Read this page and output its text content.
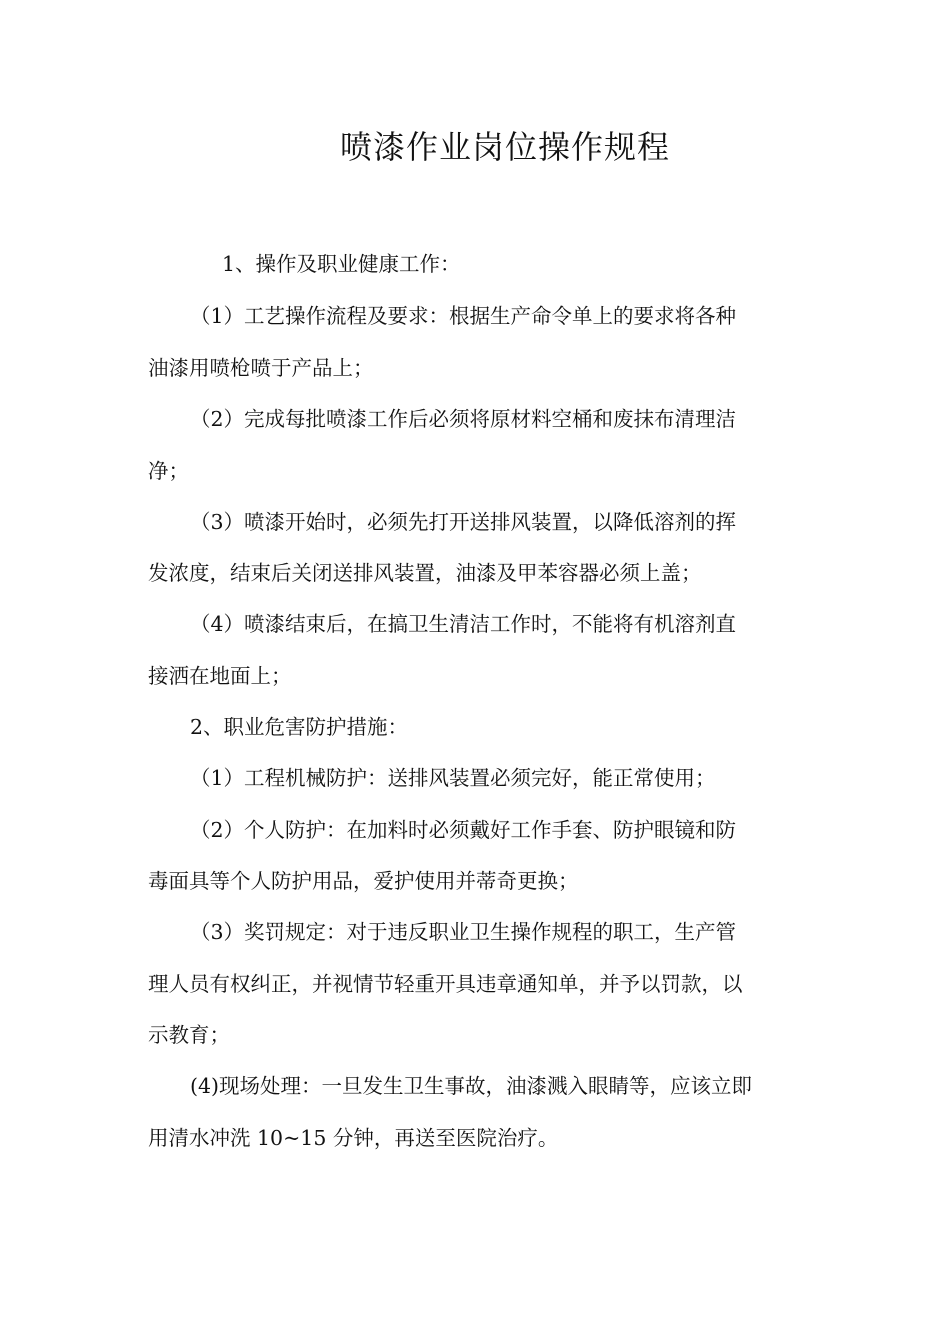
喷漆作业岗位操作规程
1、操作及职业健康工作：
（1）工艺操作流程及要求：根据生产命令单上的要求将各种
油漆用喷枪喷于产品上；
（2）完成每批喷漆工作后必须将原材料空桶和废抹布清理洁
净；
（3）喷漆开始时，必须先打开送排风装置，以降低溶剂的挥
发浓度，结束后关闭送排风装置，油漆及甲苯容器必须上盖；
（4）喷漆结束后，在搞卫生清洁工作时，不能将有机溶剂直
接洒在地面上；
2、职业危害防护措施：
（1）工程机械防护：送排风装置必须完好，能正常使用；
（2）个人防护：在加料时必须戴好工作手套、防护眼镜和防
毒面具等个人防护用品，爱护使用并蒂奇更换；
（3）奖罚规定：对于违反职业卫生操作规程的职工，生产管
理人员有权纠正，并视情节轻重开具违章通知单，并予以罚款，以
示教育；
(4)现场处理：一旦发生卫生事故，油漆溅入眼睛等，应该立即
用清水冲洗 10~15 分钟，再送至医院治疗。
